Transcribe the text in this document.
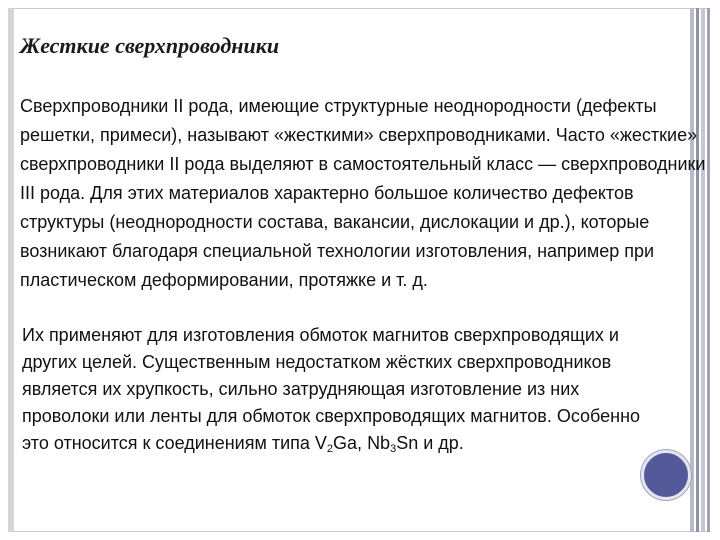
Жесткие сверхпроводники

Сверхпроводники II рода, имеющие структурные неоднородности (дефекты решетки, примеси), называют «жесткими» сверхпроводниками. Часто «жесткие» сверхпроводники II рода выделяют в самостоятельный класс — сверхпроводники III рода. Для этих материалов характерно большое количество дефектов структуры (неоднородности состава, вакансии, дислокации и др.), которые возникают благодаря специальной технологии изготовления, например при пластическом деформировании, протяжке и т. д.

Их применяют для изготовления обмоток магнитов сверхпроводящих и других целей. Существенным недостатком жёстких сверхпроводников является их хрупкость, сильно затрудняющая изготовление из них проволоки или ленты для обмоток сверхпроводящих магнитов. Особенно это относится к соединениям типа $V_2Ga$, $Nb_3Sn$ и др.
